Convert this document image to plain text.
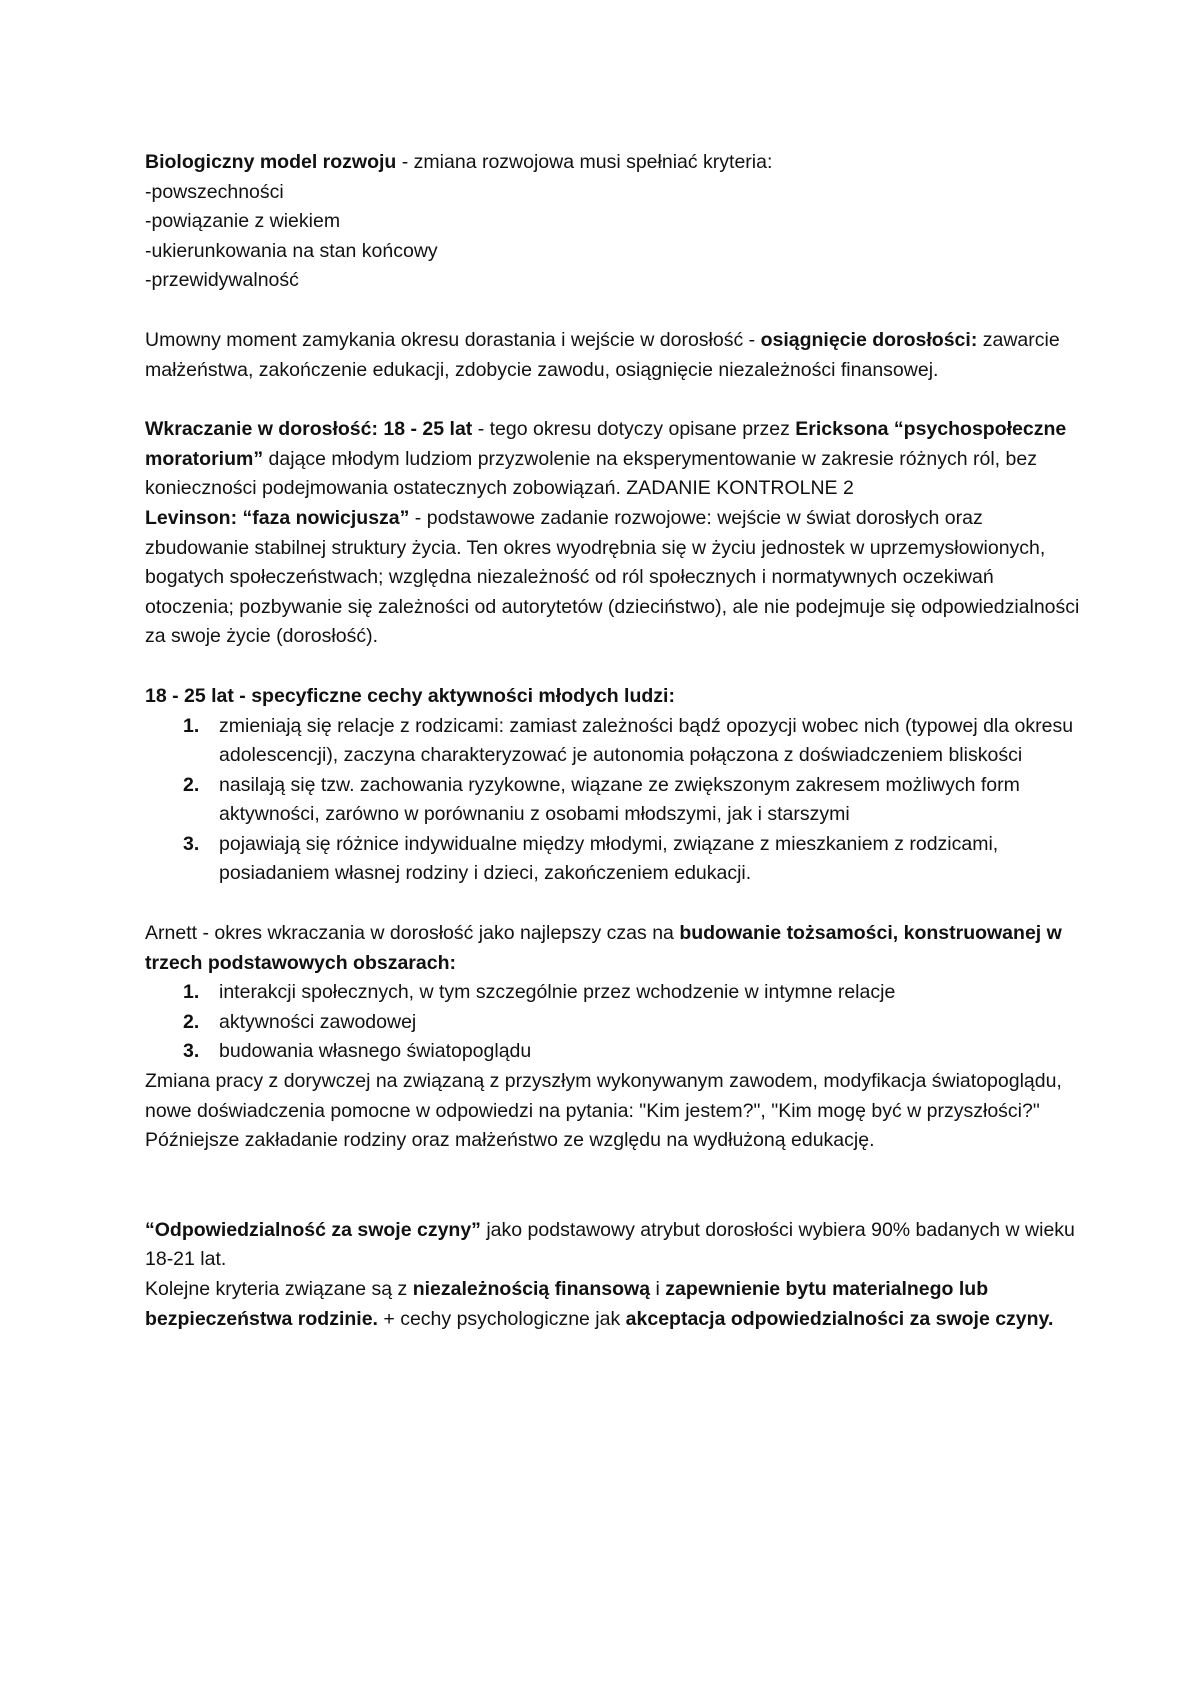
Biologiczny model rozwoju - zmiana rozwojowa musi spełniać kryteria:

-powszechności

-powiązanie z wiekiem

-ukierunkowania na stan końcowy

-przewidywalność

Umowny moment zamykania okresu dorastania i wejście w dorosłość - osiągnięcie dorosłości: zawarcie małżeństwa, zakończenie edukacji, zdobycie zawodu, osiągnięcie niezależności finansowej.

Wkraczanie w dorosłość: 18 - 25 lat - tego okresu dotyczy opisane przez Ericksona “psychospołeczne moratorium” dające młodym ludziom przyzwolenie na eksperymentowanie w zakresie różnych ról, bez konieczności podejmowania ostatecznych zobowiązań. ZADANIE KONTROLNE 2

Levinson: “faza nowicjusza” - podstawowe zadanie rozwojowe: wejście w świat dorosłych oraz zbudowanie stabilnej struktury życia. Ten okres wyodrębnia się w życiu jednostek w uprzemysłowionych, bogatych społeczeństwach; względna niezależność od ról społecznych i normatywnych oczekiwań otoczenia; pozbywanie się zależności od autorytetów (dzieciństwo), ale nie podejmuje się odpowiedzialności za swoje życie (dorosłość).

18 - 25 lat - specyficzne cechy aktywności młodych ludzi:

1. zmieniają się relacje z rodzicami: zamiast zależności bądź opozycji wobec nich (typowej dla okresu adolescencji), zaczyna charakteryzować je autonomia połączona z doświadczeniem bliskości
2. nasilają się tzw. zachowania ryzykowne, wiązane ze zwiększonym zakresem możliwych form aktywności, zarówno w porównaniu z osobami młodszymi, jak i starszymi
3. pojawiają się różnice indywidualne między młodymi, związane z mieszkaniem z rodzicami, posiadaniem własnej rodziny i dzieci, zakończeniem edukacji.

Arnett - okres wkraczania w dorosłość jako najlepszy czas na budowanie tożsamości, konstruowanej w trzech podstawowych obszarach:

1. interakcji społecznych, w tym szczególnie przez wchodzenie w intymne relacje
2. aktywności zawodowej
3. budowania własnego światopoglądu

Zmiana pracy z dorywczej na związaną z przyszłym wykonywanym zawodem, modyfikacja światopoglądu, nowe doświadczenia pomocne w odpowiedzi na pytania: "Kim jestem?", "Kim mogę być w przyszłości?"

Późniejsze zakładanie rodziny oraz małżeństwo ze względu na wydłużoną edukację.

“Odpowiedzialność za swoje czyny” jako podstawowy atrybut dorosłości wybiera 90% badanych w wieku 18-21 lat.

Kolejne kryteria związane są z niezależnością finansową i zapewnienie bytu materialnego lub bezpieczeństwa rodzinie. + cechy psychologiczne jak akceptacja odpowiedzialności za swoje czyny.
